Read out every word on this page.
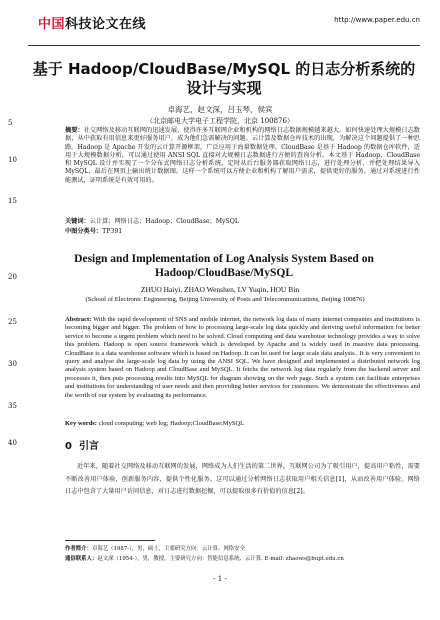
中国科技论文在线	http://www.paper.edu.cn
基于 Hadoop/CloudBase/MySQL 的日志分析系统的设计与实现
卓海艺，赵文深，吕玉琴，侯宾
（北京邮电大学电子工程学院，北京 100876）
摘要：社交网络及移动互联网的迅速发展，使得许多互联网企业和机构的网络日志数据规模越来越大。如何快速处理大规模日志数据，从中获取有用信息来更好服务用户，成为他们急需解决的问题。云计算及数据仓库技术的出现，为解决这个问题提供了一种思路。Hadoop 是 Apache 开发的云计算开源框架，广泛应用于海量数据处理。CloudBase 是基于 Hadoop 的数据仓库软件，适用于大规模数据分析，可以通过使用 ANSI SQL 直接对大规模日志数据进行方便的查询分析。本文基于 Hadoop、CloudBase 和 MySQL 设计并实现了一个分布式网络日志分析系统，定时从后台服务器获取网络日志，进行处理分析，并把处理结果导入 MySQL，最后在网页上输出统计数据图。这样一个系统可以方便企业和机构了解用户需求，提供更好的服务。通过对系统进行性能测试，证明系统是有效可用的。
关键词：云计算；网络日志；Hadoop；CloudBase；MySQL
中图分类号：TP391
Design and Implementation of Log Analysis System Based on Hadoop/CloudBase/MySQL
ZHUO Haiyi, ZHAO Wenshen, LV Yuqin, HOU Bin
(School of Electronic Engineering, Beijing University of Posts and Telecommunications, Beijing 100876)
Abstract: With the rapid development of SNS and mobile internet, the network log data of many internet companies and institutions is becoming bigger and bigger. The problem of how to processing large-scale log data quickly and deriving useful information for better service to become a urgent problem which need to be solved. Cloud computing and data warehouse technology provides a way to solve this problem. Hadoop is open source framework which is developed by Apache and is widely used in massive data processing. CloudBase is a data warehouse software which is based on Hadoop. It can be used for large scale data analysis.. It is very convenient to query and analyse the large-scale log data by using the ANSI SQL. We have designed and implemented a distributed network log analysis system based on Hadoop and CloudBase and MySQL. It fetchs the network log data regularly from the backend server and processes it, then puts processing results into MySQL for diagram showing on the web page. Such a system can facilitate enterprises and institutions for understanding of user needs and then providing better services for customers. We demonstrate the effectiveness and the worth of our system by evaluating its performance.
Key words: cloud computing; web log; Hadoop;CloudBase;MySQL
5
10
15
20
25
30
35
40	0 引言
近年来，随着社交网络及移动互联网的发展，网络成为人们生活的第二世界。互联网公司为了吸引用户，提高用户粘性，需要不断改善用户体验，创新服务内容，提供个性化服务。这可以通过分析网络日志获取用户相关信息[1]，从而改善用户体验。网络日志中包含了大量用户访问信息，对日志进行数据挖掘，可以提取很多有价值的信息[2]。
作者简介：卓海艺（1987-），男，硕士，主要研究方向：云计算、网络安全
通信联系人：赵文深（1954-），男，教授，主要研究方向：智能信息系统、云计算. E-mail: zhaows@bupt.edu.cn
- 1 -
